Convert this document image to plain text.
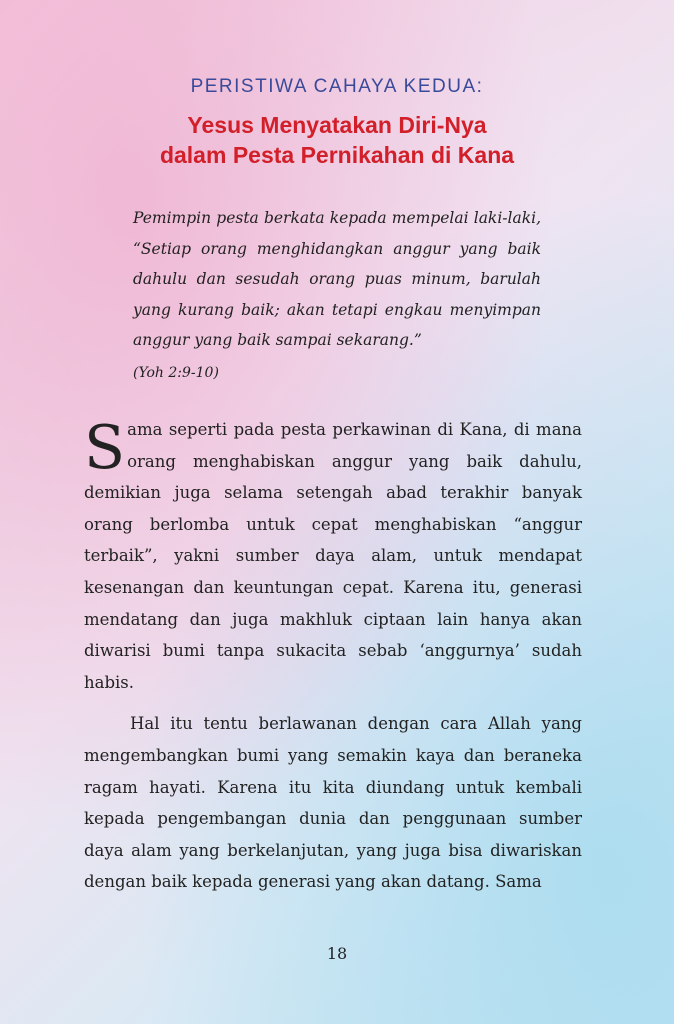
PERISTIWA CAHAYA KEDUA:

Yesus Menyatakan Diri-Nya
dalam Pesta Pernikahan di Kana

Pemimpin pesta berkata kepada mempelai laki-laki, “Setiap orang menghidangkan anggur yang baik dahulu dan sesudah orang puas minum, barulah yang kurang baik; akan tetapi engkau menyimpan anggur yang baik sampai sekarang.”

(Yoh 2:9-10)

Sama seperti pada pesta perkawinan di Kana, di mana orang menghabiskan anggur yang baik dahulu, demikian juga selama setengah abad terakhir banyak orang berlomba untuk cepat menghabiskan “anggur terbaik”, yakni sumber daya alam, untuk mendapat kesenangan dan keuntungan cepat. Karena itu, generasi mendatang dan juga makhluk ciptaan lain hanya akan diwarisi bumi tanpa sukacita sebab ‘anggurnya’ sudah habis.

Hal itu tentu berlawanan dengan cara Allah yang mengembangkan bumi yang semakin kaya dan beraneka ragam hayati. Karena itu kita diundang untuk kembali kepada pengembangan dunia dan penggunaan sumber daya alam yang berkelanjutan, yang juga bisa diwariskan dengan baik kepada generasi yang akan datang. Sama

18
